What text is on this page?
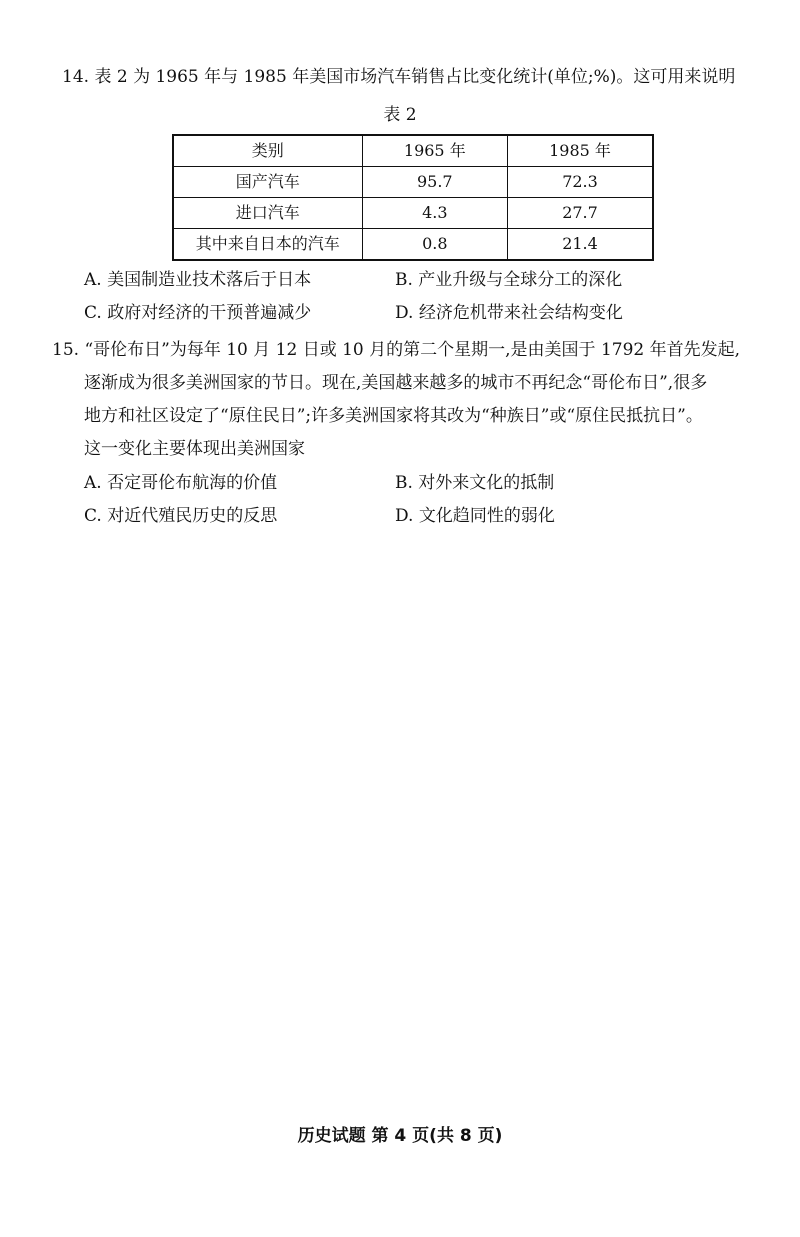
14. 表 2 为 1965 年与 1985 年美国市场汽车销售占比变化统计(单位;%)。这可用来说明
表 2
类别	1965 年	1985 年
国产汽车	95.7	72.3
进口汽车	4.3	27.7
其中来自日本的汽车	0.8	21.4
A. 美国制造业技术落后于日本	B. 产业升级与全球分工的深化
C. 政府对经济的干预普遍减少	D. 经济危机带来社会结构变化
15. “哥伦布日”为每年 10 月 12 日或 10 月的第二个星期一,是由美国于 1792 年首先发起,
逐渐成为很多美洲国家的节日。现在,美国越来越多的城市不再纪念“哥伦布日”,很多
地方和社区设定了“原住民日”;许多美洲国家将其改为“种族日”或“原住民抵抗日”。
这一变化主要体现出美洲国家
A. 否定哥伦布航海的价值	B. 对外来文化的抵制
C. 对近代殖民历史的反思	D. 文化趋同性的弱化
历史试题 第 4 页(共 8 页)
